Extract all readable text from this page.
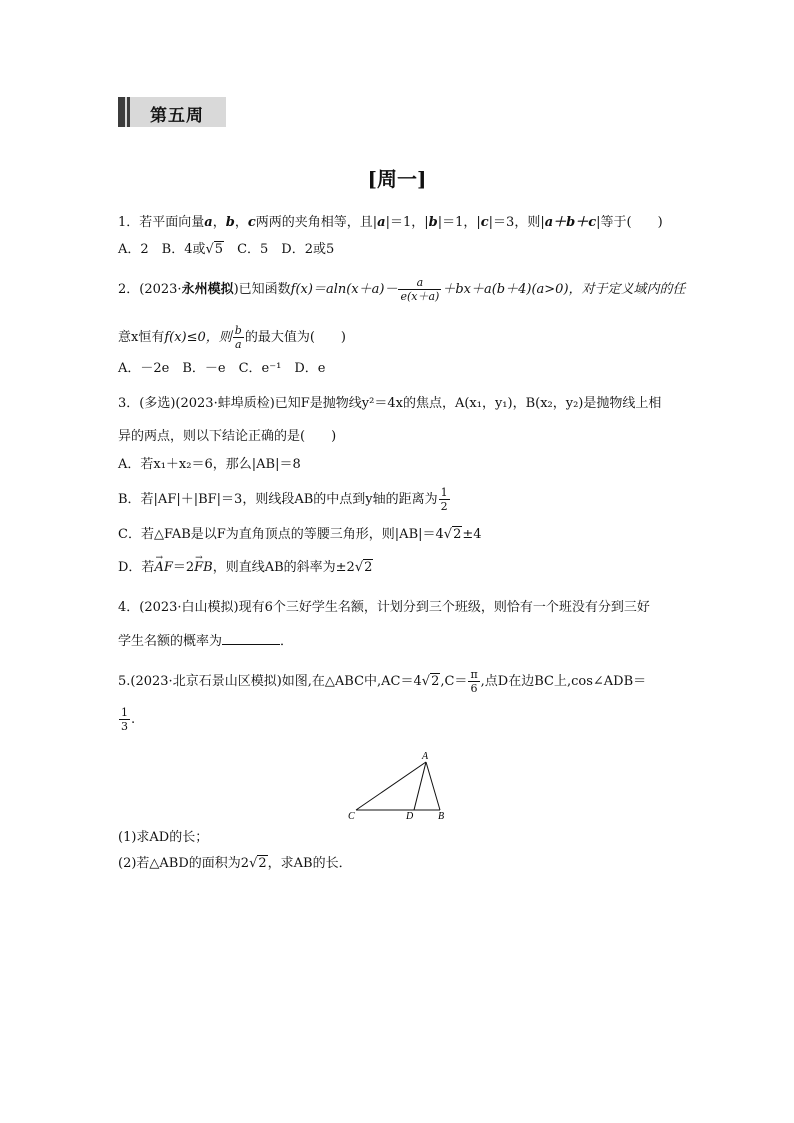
第五周
[周一]
1．若平面向量a，b，c两两的夹角相等，且|a|＝1，|b|＝1，|c|＝3，则|a＋b＋c|等于(　　)
A．2　B．4或√5　C．5　D．2或5
2．(2023·永州模拟)已知函数$f(x)=aln(x+a)- \frac{a}{e(x+a)} +bx+a(b+4)(a>0)$，对于定义域内的任
意x恒有f(x)≤0，则 $\frac{b}{a}$ 的最大值为(　　)
A．－2e　B．－e　C．e⁻¹　D．e
3．(多选)(2023·蚌埠质检)已知F是抛物线y²＝4x的焦点，A(x₁，y₁)，B(x₂，y₂)是抛物线上相
异的两点，则以下结论正确的是(　　)
A．若x₁＋x₂＝6，那么|AB|＝8
B．若|AF|＋|BF|＝3，则线段AB的中点到y轴的距离为 $\frac{1}{2}$
C．若△FAB是以F为直角顶点的等腰三角形，则|AB|＝4√2±4
D．若→ AF＝2→ FB，则直线AB的斜率为±2√2
4．(2023·白山模拟)现有6个三好学生名额，计划分到三个班级，则恰有一个班没有分到三好
学生名额的概率为	．
5.(2023·北京石景山区模拟)如图,在△ABC中$,AC=4√2,C= \frac{\pi}{6}$ ,点D在边BC上,cos∠ADB＝
$\frac{1}{3}$ .
A
C	D B
(1)求AD的长；
(2)若△ABD的面积为2√2，求AB的长．
